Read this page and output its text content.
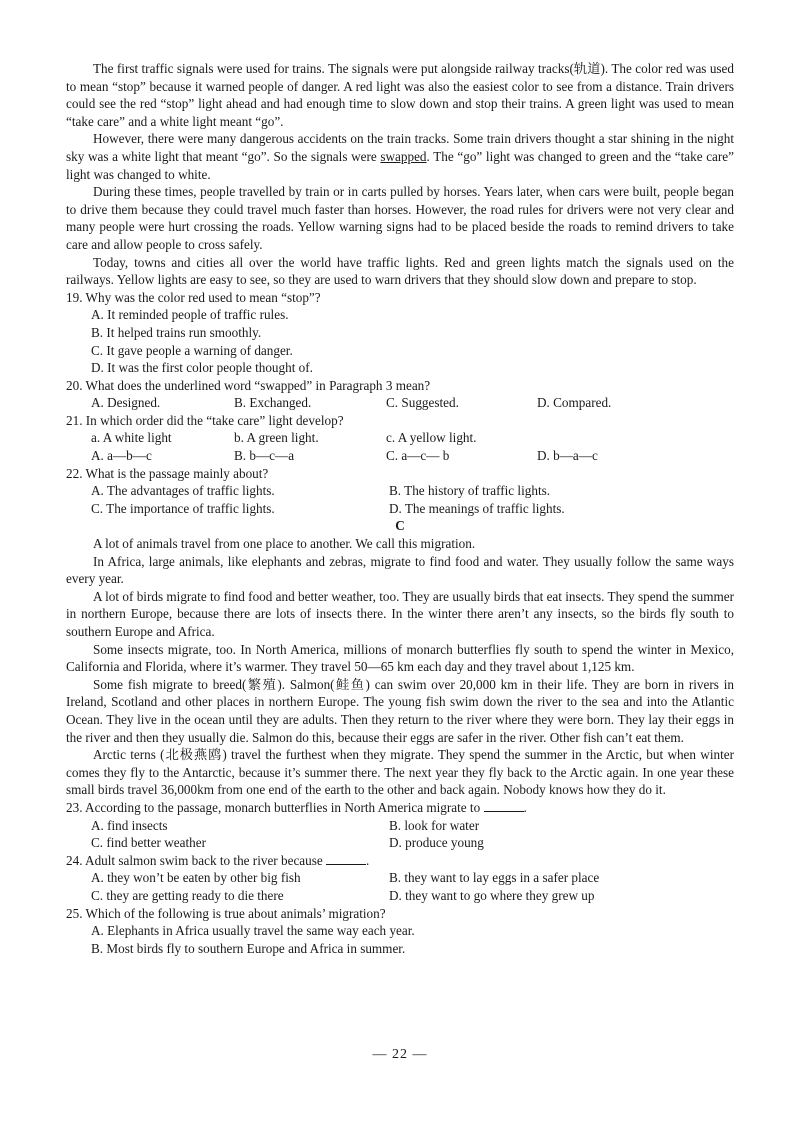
The first traffic signals were used for trains. The signals were put alongside railway tracks(轨道). The color red was used to mean “stop” because it warned people of danger. A red light was also the easiest color to see from a distance. Train drivers could see the red “stop” light ahead and had enough time to slow down and stop their trains. A green light was used to mean “take care” and a white light meant “go”.

However, there were many dangerous accidents on the train tracks. Some train drivers thought a star shining in the night sky was a white light that meant “go”. So the signals were swapped. The “go” light was changed to green and the “take care” light was changed to white.

During these times, people travelled by train or in carts pulled by horses. Years later, when cars were built, people began to drive them because they could travel much faster than horses. However, the road rules for drivers were not very clear and many people were hurt crossing the roads. Yellow warning signs had to be placed beside the roads to remind drivers to take care and allow people to cross safely.

Today, towns and cities all over the world have traffic lights. Red and green lights match the signals used on the railways. Yellow lights are easy to see, so they are used to warn drivers that they should slow down and prepare to stop.

19. Why was the color red used to mean “stop”?

A. It reminded people of traffic rules.

B. It helped trains run smoothly.

C. It gave people a warning of danger.

D. It was the first color people thought of.

20. What does the underlined word “swapped” in Paragraph 3 mean?

A. Designed.	B. Exchanged.	C. Suggested.	D. Compared.

21. In which order did the “take care” light develop?

a. A white light	b. A green light.	c. A yellow light.
A. a—b—c	B. b—c—a	C. a—c— b	D. b—a—c

22. What is the passage mainly about?

A. The advantages of traffic lights.	B. The history of traffic lights.
C. The importance of traffic lights.	D. The meanings of traffic lights.

C

A lot of animals travel from one place to another. We call this migration.

In Africa, large animals, like elephants and zebras, migrate to find food and water. They usually follow the same ways every year.

A lot of birds migrate to find food and better weather, too. They are usually birds that eat insects. They spend the summer in northern Europe, because there are lots of insects there. In the winter there aren’t any insects, so the birds fly south to southern Europe and Africa.

Some insects migrate, too. In North America, millions of monarch butterflies fly south to spend the winter in Mexico, California and Florida, where it’s warmer. They travel 50—65 km each day and they travel about 1,125 km.

Some fish migrate to breed(繁殖). Salmon(鲑鱼) can swim over 20,000 km in their life. They are born in rivers in Ireland, Scotland and other places in northern Europe. The young fish swim down the river to the sea and into the Atlantic Ocean. They live in the ocean until they are adults. Then they return to the river where they were born. They lay their eggs in the river and then they usually die. Salmon do this, because their eggs are safer in the river. Other fish can’t eat them.

Arctic terns (北极燕鸥) travel the furthest when they migrate. They spend the summer in the Arctic, but when winter comes they fly to the Antarctic, because it’s summer there. The next year they fly back to the Arctic again. In one year these small birds travel 36,000km from one end of the earth to the other and back again. Nobody knows how they do it.

23. According to the passage, monarch butterflies in North America migrate to	.

A. find insects	B. look for water
C. find better weather	D. produce young

24. Adult salmon swim back to the river because	.

A. they won’t be eaten by other big fish	B. they want to lay eggs in a safer place
C. they are getting ready to die there	D. they want to go where they grew up

25. Which of the following is true about animals’ migration?

A. Elephants in Africa usually travel the same way each year.

B. Most birds fly to southern Europe and Africa in summer.

— 22 —
